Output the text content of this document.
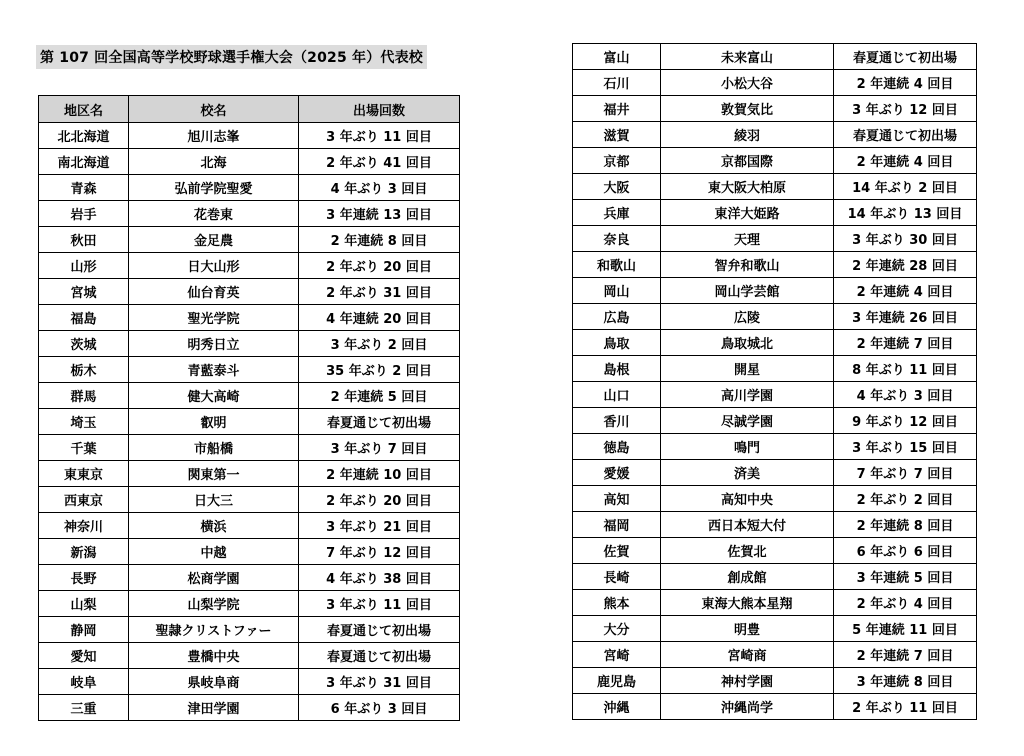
第 107 回全国高等学校野球選手権大会（2025 年）代表校
地区名	校名	出場回数
北北海道	旭川志峯	3 年ぶり 11 回目
南北海道	北海	2 年ぶり 41 回目
青森	弘前学院聖愛	4 年ぶり 3 回目
岩手	花巻東	3 年連続 13 回目
秋田	金足農	2 年連続 8 回目
山形	日大山形	2 年ぶり 20 回目
宮城	仙台育英	2 年ぶり 31 回目
福島	聖光学院	4 年連続 20 回目
茨城	明秀日立	3 年ぶり 2 回目
栃木	青藍泰斗	35 年ぶり 2 回目
群馬	健大高崎	2 年連続 5 回目
埼玉	叡明	春夏通じて初出場
千葉	市船橋	3 年ぶり 7 回目
東東京	関東第一	2 年連続 10 回目
西東京	日大三	2 年ぶり 20 回目
神奈川	横浜	3 年ぶり 21 回目
新潟	中越	7 年ぶり 12 回目
長野	松商学園	4 年ぶり 38 回目
山梨	山梨学院	3 年ぶり 11 回目
静岡	聖隷クリストファー	春夏通じて初出場
愛知	豊橋中央	春夏通じて初出場
岐阜	県岐阜商	3 年ぶり 31 回目
三重	津田学園	6 年ぶり 3 回目
富山	未来富山	春夏通じて初出場
石川	小松大谷	2 年連続 4 回目
福井	敦賀気比	3 年ぶり 12 回目
滋賀	綾羽	春夏通じて初出場
京都	京都国際	2 年連続 4 回目
大阪	東大阪大柏原	14 年ぶり 2 回目
兵庫	東洋大姫路	14 年ぶり 13 回目
奈良	天理	3 年ぶり 30 回目
和歌山	智弁和歌山	2 年連続 28 回目
岡山	岡山学芸館	2 年連続 4 回目
広島	広陵	3 年連続 26 回目
鳥取	鳥取城北	2 年連続 7 回目
島根	開星	8 年ぶり 11 回目
山口	高川学園	4 年ぶり 3 回目
香川	尽誠学園	9 年ぶり 12 回目
徳島	鳴門	3 年ぶり 15 回目
愛媛	済美	7 年ぶり 7 回目
高知	高知中央	2 年ぶり 2 回目
福岡	西日本短大付	2 年連続 8 回目
佐賀	佐賀北	6 年ぶり 6 回目
長崎	創成館	3 年連続 5 回目
熊本	東海大熊本星翔	2 年ぶり 4 回目
大分	明豊	5 年連続 11 回目
宮崎	宮崎商	2 年連続 7 回目
鹿児島	神村学園	3 年連続 8 回目
沖縄	沖縄尚学	2 年ぶり 11 回目
